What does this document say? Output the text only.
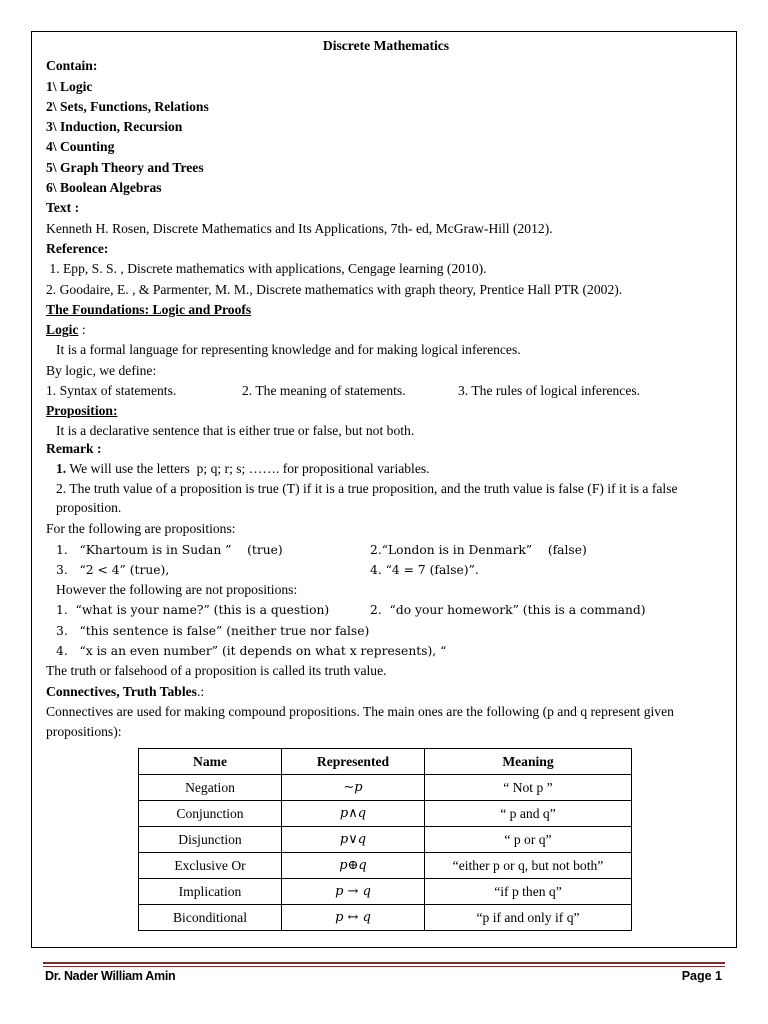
Discrete Mathematics
Contain:
1\ Logic
2\ Sets, Functions, Relations
3\ Induction, Recursion
4\ Counting
5\ Graph Theory and Trees
6\ Boolean Algebras
Text :
Kenneth H. Rosen, Discrete Mathematics and Its Applications, 7th- ed, McGraw-Hill (2012).
Reference:
1. Epp, S. S. , Discrete mathematics with applications, Cengage learning (2010).
2. Goodaire, E. , & Parmenter, M. M., Discrete mathematics with graph theory, Prentice Hall PTR (2002).
The Foundations: Logic and Proofs
Logic :
It is a formal language for representing knowledge and for making logical inferences.
By logic, we define:
1. Syntax of statements.	2. The meaning of statements.	3. The rules of logical inferences.
Proposition:
It is a declarative sentence that is either true or false, but not both.
Remark :
1. We will use the letters  p; q; r; s; ……. for propositional variables.
2. The truth value of a proposition is true (T) if it is a true proposition, and the truth value is false (F) if it is a false proposition.
For the following are propositions:
1.   “Khartoum is in Sudan ”    (true)	2.“London is in Denmark”    (false)
3.   “2 < 4” (true),	4. “4 = 7 (false)”.
However the following are not propositions:
1.  “what is your name?” (this is a question)	2.  “do your homework” (this is a command)
3.   “this sentence is false” (neither true nor false)
4.   “x is an even number” (it depends on what x represents), “
The truth or falsehood of a proposition is called its truth value.
Connectives, Truth Tables.:
Connectives are used for making compound propositions. The main ones are the following (p and q represent given propositions):
Name	Represented	Meaning
Negation	∼p	“ Not p ”
Conjunction	p∧q	“ p and q”
Disjunction	p∨q	“ p or q”
Exclusive Or	p⊕q	“either p or q, but not both”
Implication	p → q	“if p then q”
Biconditional	p ↔ q	“p if and only if q”
Dr. Nader William Amin	Page 1
